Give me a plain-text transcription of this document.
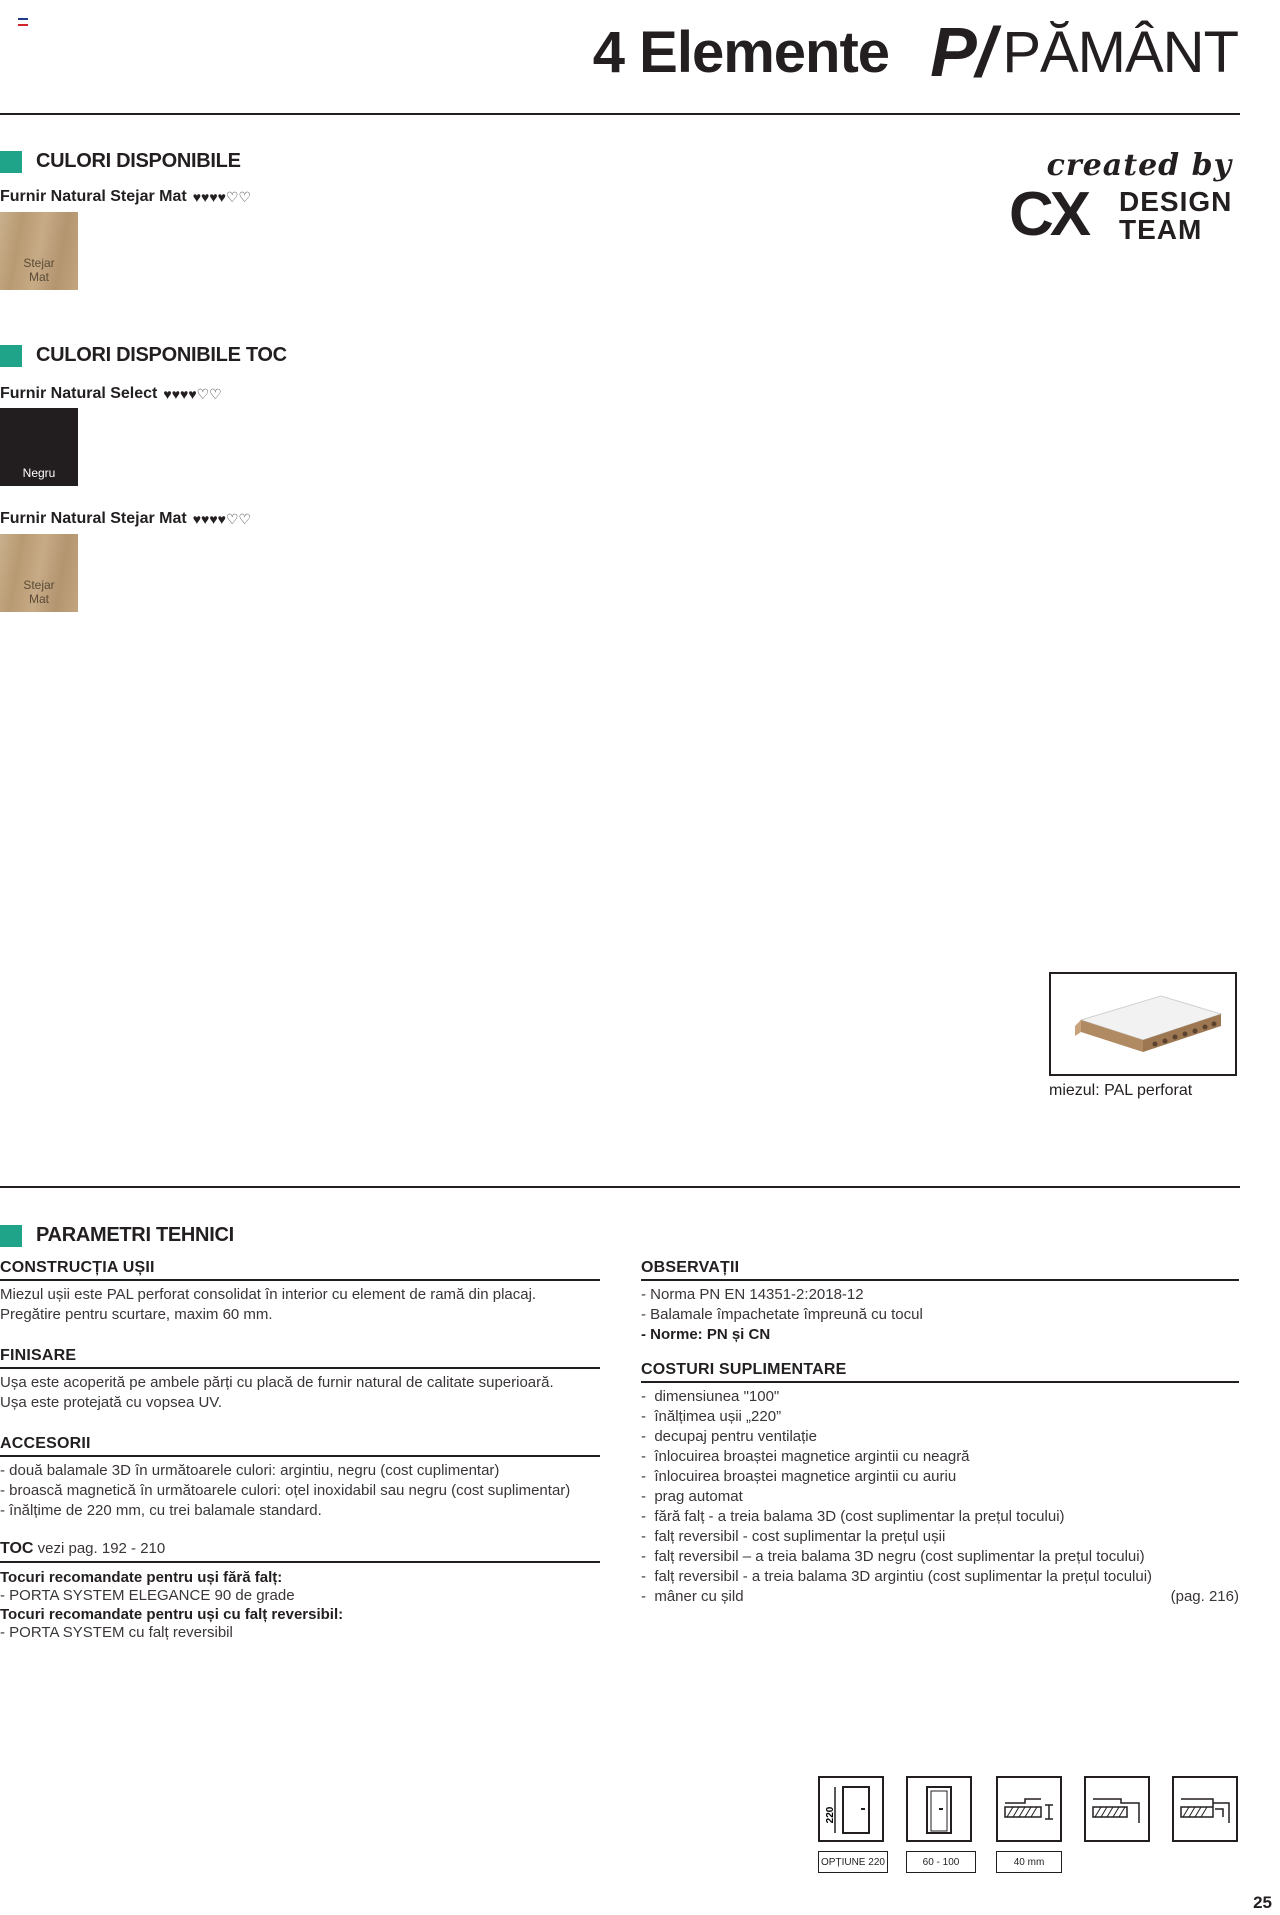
4 Elemente P/ PĂMÂNT
created by
CX DESIGN
TEAM
CULORI DISPONIBILE
Furnir Natural Stejar Mat ♥♥♥♥♡♡
Stejar Mat
CULORI DISPONIBILE TOC
Furnir Natural Select ♥♥♥♥♡♡
Negru
Furnir Natural Stejar Mat ♥♥♥♥♡♡
Stejar Mat
miezul: PAL perforat
PARAMETRI TEHNICI
CONSTRUCȚIA UȘII
Miezul ușii este PAL perforat consolidat în interior cu element de ramă din placaj.
Pregătire pentru scurtare, maxim 60 mm.
FINISARE
Ușa este acoperită pe ambele părți cu placă de furnir natural de calitate superioară.
Ușa este protejată cu vopsea UV.
ACCESORII
- două balamale 3D în următoarele culori: argintiu, negru (cost cuplimentar)
- broască magnetică în următoarele culori: oțel inoxidabil sau negru (cost suplimentar)
- înălțime de 220 mm, cu trei balamale standard.
TOC vezi pag. 192 - 210
Tocuri recomandate pentru uși fără falț:
- PORTA SYSTEM ELEGANCE 90 de grade
Tocuri recomandate pentru uși cu falț reversibil:
- PORTA SYSTEM cu falț reversibil
OBSERVAȚII
- Norma PN EN 14351-2:2018-12
- Balamale împachetate împreună cu tocul
- Norme: PN și CN
COSTURI SUPLIMENTARE
-  dimensiunea "100"
-  înălțimea ușii „220”
-  decupaj pentru ventilație
-  înlocuirea broaștei magnetice argintii cu neagră
-  înlocuirea broaștei magnetice argintii cu auriu
-  prag automat
-  fără falț - a treia balama 3D (cost suplimentar la prețul tocului)
-  falț reversibil - cost suplimentar la prețul ușii
-  falț reversibil – a treia balama 3D negru (cost suplimentar la prețul tocului)
-  falț reversibil - a treia balama 3D argintiu (cost suplimentar la prețul tocului)
-  mâner cu șild	(pag. 216)
220
OPȚIUNE 220	60 - 100	40 mm
25
